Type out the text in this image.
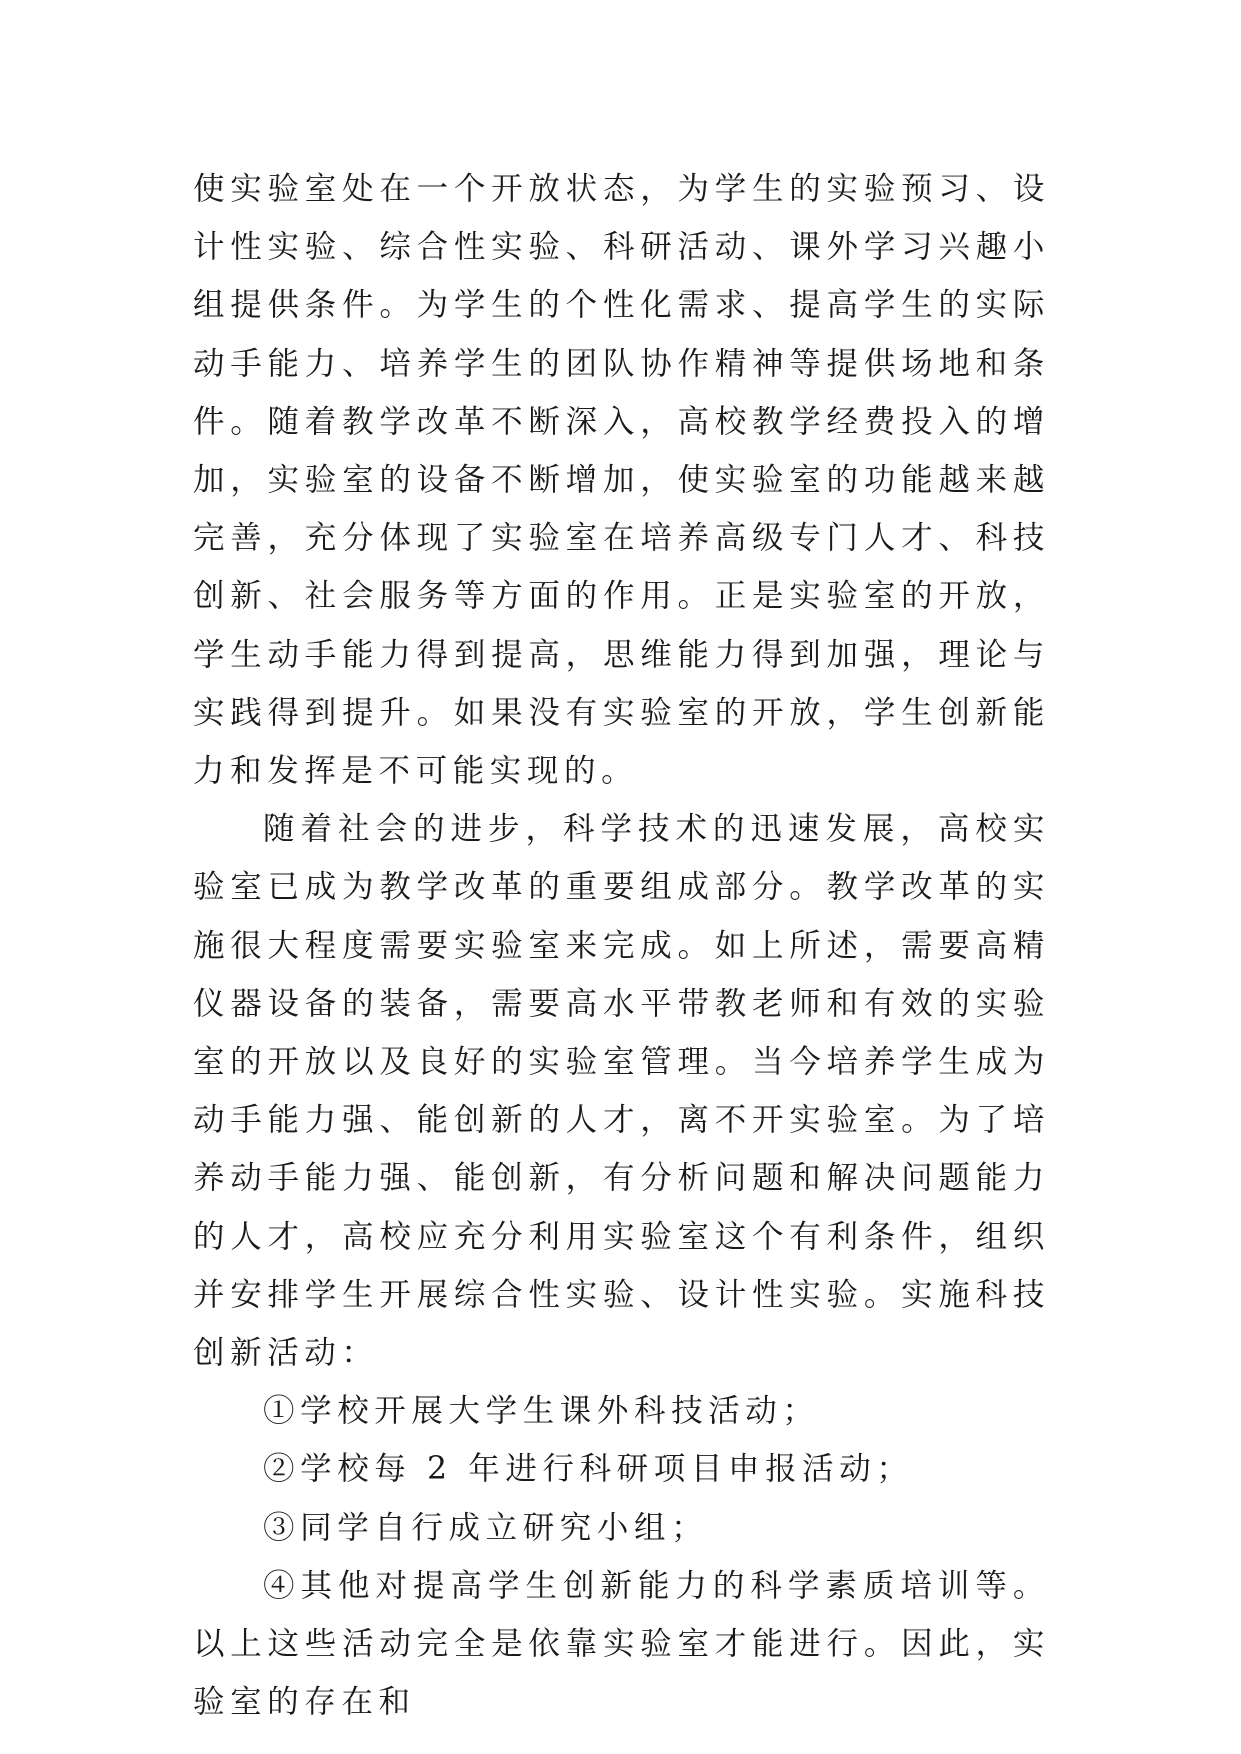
使实验室处在一个开放状态，为学生的实验预习、设计性实验、综合性实验、科研活动、课外学习兴趣小组提供条件。为学生的个性化需求、提高学生的实际动手能力、培养学生的团队协作精神等提供场地和条件。随着教学改革不断深入，高校教学经费投入的增加，实验室的设备不断增加，使实验室的功能越来越完善，充分体现了实验室在培养高级专门人才、科技创新、社会服务等方面的作用。正是实验室的开放，学生动手能力得到提高，思维能力得到加强，理论与实践得到提升。如果没有实验室的开放，学生创新能力和发挥是不可能实现的。

随着社会的进步，科学技术的迅速发展，高校实验室已成为教学改革的重要组成部分。教学改革的实施很大程度需要实验室来完成。如上所述，需要高精仪器设备的装备，需要高水平带教老师和有效的实验室的开放以及良好的实验室管理。当今培养学生成为动手能力强、能创新的人才，离不开实验室。为了培养动手能力强、能创新，有分析问题和解决问题能力的人才，高校应充分利用实验室这个有利条件，组织并安排学生开展综合性实验、设计性实验。实施科技创新活动：

①学校开展大学生课外科技活动；

②学校每 2 年进行科研项目申报活动；

③同学自行成立研究小组；

④其他对提高学生创新能力的科学素质培训等。以上这些活动完全是依靠实验室才能进行。因此，实验室的存在和
